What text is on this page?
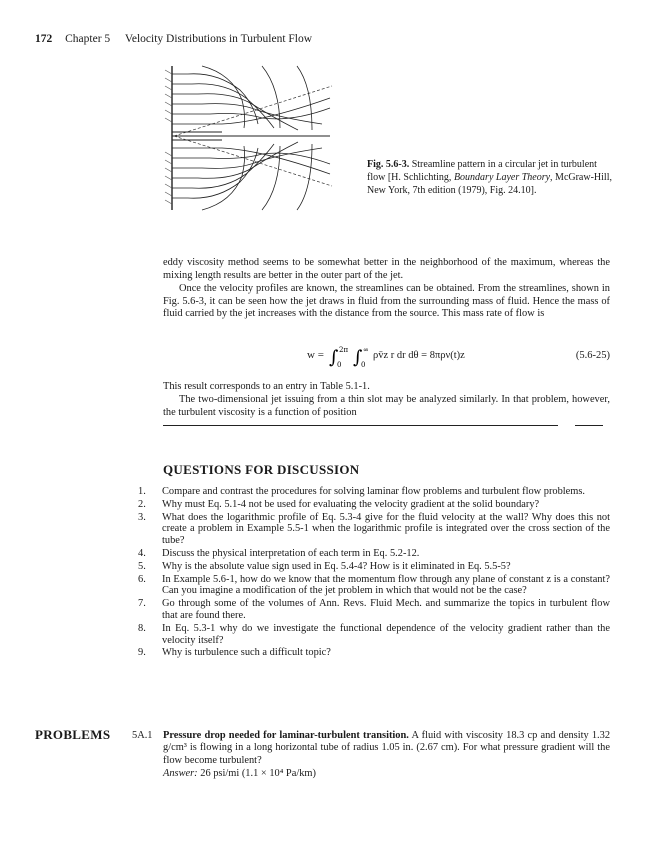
172 Chapter 5 Velocity Distributions in Turbulent Flow
Fig. 5.6-3. Streamline pattern in a circular jet in turbulent flow [H. Schlichting, Boundary Layer Theory, McGraw-Hill, New York, 7th edition (1979), Fig. 24.10].
eddy viscosity method seems to be somewhat better in the neighborhood of the maximum, whereas the mixing length results are better in the outer part of the jet.
Once the velocity profiles are known, the streamlines can be obtained. From the streamlines, shown in Fig. 5.6-3, it can be seen how the jet draws in fluid from the surrounding mass of fluid. Hence the mass of fluid carried by the jet increases with the distance from the source. This mass rate of flow is
w = ∫ 2π
0 ∫ ∞
0
ρv̄z r dr dθ = 8πρν(t)z	(5.6-25)
This result corresponds to an entry in Table 5.1-1.
The two-dimensional jet issuing from a thin slot may be analyzed similarly. In that problem, however, the turbulent viscosity is a function of position
QUESTIONS FOR DISCUSSION
1.	Compare and contrast the procedures for solving laminar flow problems and turbulent flow problems.
2.	Why must Eq. 5.1-4 not be used for evaluating the velocity gradient at the solid boundary?
3.	What does the logarithmic profile of Eq. 5.3-4 give for the fluid velocity at the wall? Why does this not create a problem in Example 5.5-1 when the logarithmic profile is integrated over the cross section of the tube?
4.	Discuss the physical interpretation of each term in Eq. 5.2-12.
5.	Why is the absolute value sign used in Eq. 5.4-4? How is it eliminated in Eq. 5.5-5?
6.	In Example 5.6-1, how do we know that the momentum flow through any plane of constant z is a constant? Can you imagine a modification of the jet problem in which that would not be the case?
7.	Go through some of the volumes of Ann. Revs. Fluid Mech. and summarize the topics in turbulent flow that are found there.
8.	In Eq. 5.3-1 why do we investigate the functional dependence of the velocity gradient rather than the velocity itself?
9.	Why is turbulence such a difficult topic?
PROBLEMS 5A.1 Pressure drop needed for laminar-turbulent transition. A fluid with viscosity 18.3 cp and density 1.32 g/cm³ is flowing in a long horizontal tube of radius 1.05 in. (2.67 cm). For what pressure gradient will the flow become turbulent?
Answer: 26 psi/mi (1.1 × 10⁴ Pa/km)
